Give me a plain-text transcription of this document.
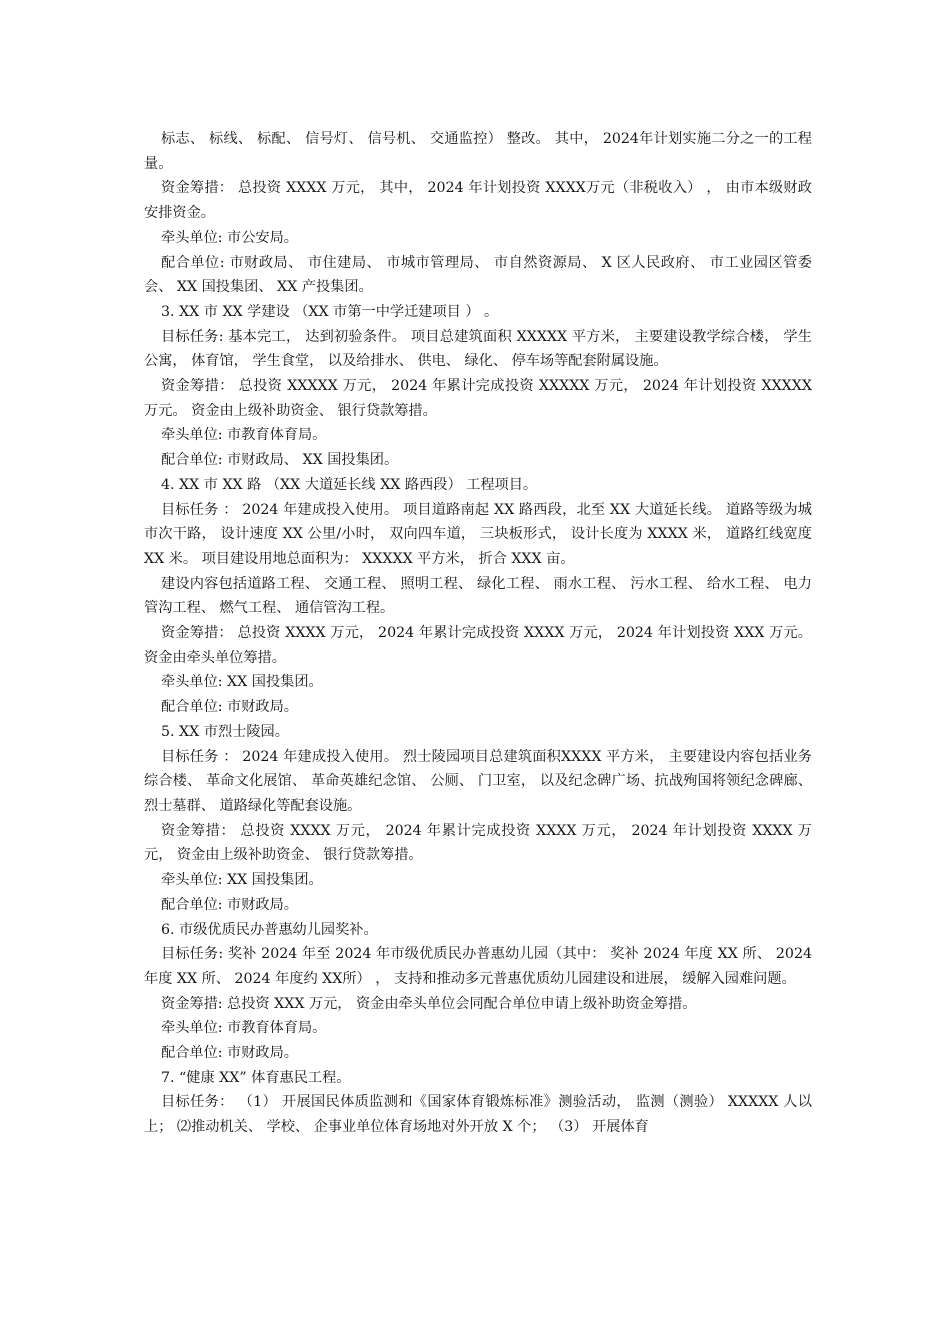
标志、 标线、 标配、 信号灯、 信号机、 交通监控） 整改。 其中， 2024年计划实施二分之一的工程量。

资金筹措： 总投资 XXXX 万元， 其中， 2024 年计划投资 XXXX万元（非税收入） ， 由市本级财政安排资金。

牵头单位: 市公安局。

配合单位: 市财政局、 市住建局、 市城市管理局、 市自然资源局、 X 区人民政府、 市工业园区管委会、 XX 国投集团、 XX 产投集团。

3. XX 市 XX 学建设 （XX 市第一中学迁建项目 ） 。

目标任务: 基本完工， 达到初验条件。 项目总建筑面积 XXXXX 平方米， 主要建设教学综合楼， 学生公寓， 体育馆， 学生食堂， 以及给排水、 供电、 绿化、 停车场等配套附属设施。

资金筹措： 总投资 XXXXX 万元， 2024 年累计完成投资 XXXXX 万元， 2024 年计划投资 XXXXX 万元。 资金由上级补助资金、 银行贷款筹措。

牵头单位: 市教育体育局。

配合单位: 市财政局、 XX 国投集团。

4. XX 市 XX 路 （XX 大道延长线 XX 路西段） 工程项目。

目标任务 ： 2024 年建成投入使用。 项目道路南起 XX 路西段，北至 XX 大道延长线。 道路等级为城市次干路， 设计速度 XX 公里/小时， 双向四车道， 三块板形式， 设计长度为 XXXX 米， 道路红线宽度 XX 米。 项目建设用地总面积为： XXXXX 平方米， 折合 XXX 亩。

建设内容包括道路工程、 交通工程、 照明工程、 绿化工程、 雨水工程、 污水工程、 给水工程、 电力管沟工程、 燃气工程、 通信管沟工程。

资金筹措： 总投资 XXXX 万元， 2024 年累计完成投资 XXXX 万元， 2024 年计划投资 XXX 万元。 资金由牵头单位筹措。

牵头单位: XX 国投集团。

配合单位: 市财政局。

5. XX 市烈士陵园。

目标任务 ： 2024 年建成投入使用。 烈士陵园项目总建筑面积XXXX 平方米， 主要建设内容包括业务综合楼、 革命文化展馆、 革命英雄纪念馆、 公厕、 门卫室， 以及纪念碑广场、抗战殉国将领纪念碑廊、 烈士墓群、 道路绿化等配套设施。

资金筹措： 总投资 XXXX 万元， 2024 年累计完成投资 XXXX 万元， 2024 年计划投资 XXXX 万元， 资金由上级补助资金、 银行贷款筹措。

牵头单位: XX 国投集团。

配合单位: 市财政局。

6. 市级优质民办普惠幼儿园奖补。

目标任务: 奖补 2024 年至 2024 年市级优质民办普惠幼儿园（其中： 奖补 2024 年度 XX 所、 2024 年度 XX 所、 2024 年度约 XX所） ， 支持和推动多元普惠优质幼儿园建设和进展， 缓解入园难问题。

资金筹措: 总投资 XXX 万元， 资金由牵头单位会同配合单位申请上级补助资金筹措。

牵头单位: 市教育体育局。

配合单位: 市财政局。

7. “健康 XX” 体育惠民工程。

目标任务： （1） 开展国民体质监测和《国家体育锻炼标准》测验活动， 监测（测验） XXXXX 人以上； ⑵推动机关、 学校、 企事业单位体育场地对外开放 X 个； （3） 开展体育
